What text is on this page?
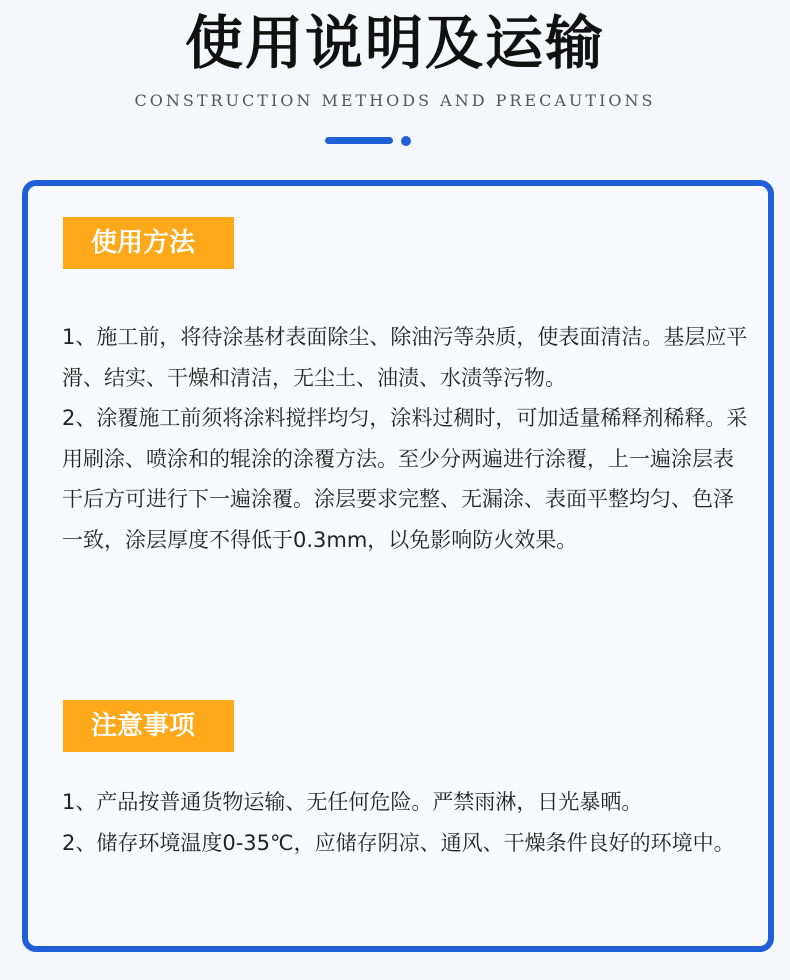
使用说明及运输
CONSTRUCTION METHODS AND PRECAUTIONS
使用方法

1、施工前，将待涂基材表面除尘、除油污等杂质，使表面清洁。基层应平滑、结实、干燥和清洁，无尘土、油渍、水渍等污物。

2、涂覆施工前须将涂料搅拌均匀，涂料过稠时，可加适量稀释剂稀释。采用刷涂、喷涂和的辊涂的涂覆方法。至少分两遍进行涂覆，上一遍涂层表干后方可进行下一遍涂覆。涂层要求完整、无漏涂、表面平整均匀、色泽一致，涂层厚度不得低于0.3mm，以免影响防火效果。

注意事项

1、产品按普通货物运输、无任何危险。严禁雨淋，日光暴晒。

2、储存环境温度0-35℃，应储存阴凉、通风、干燥条件良好的环境中。
